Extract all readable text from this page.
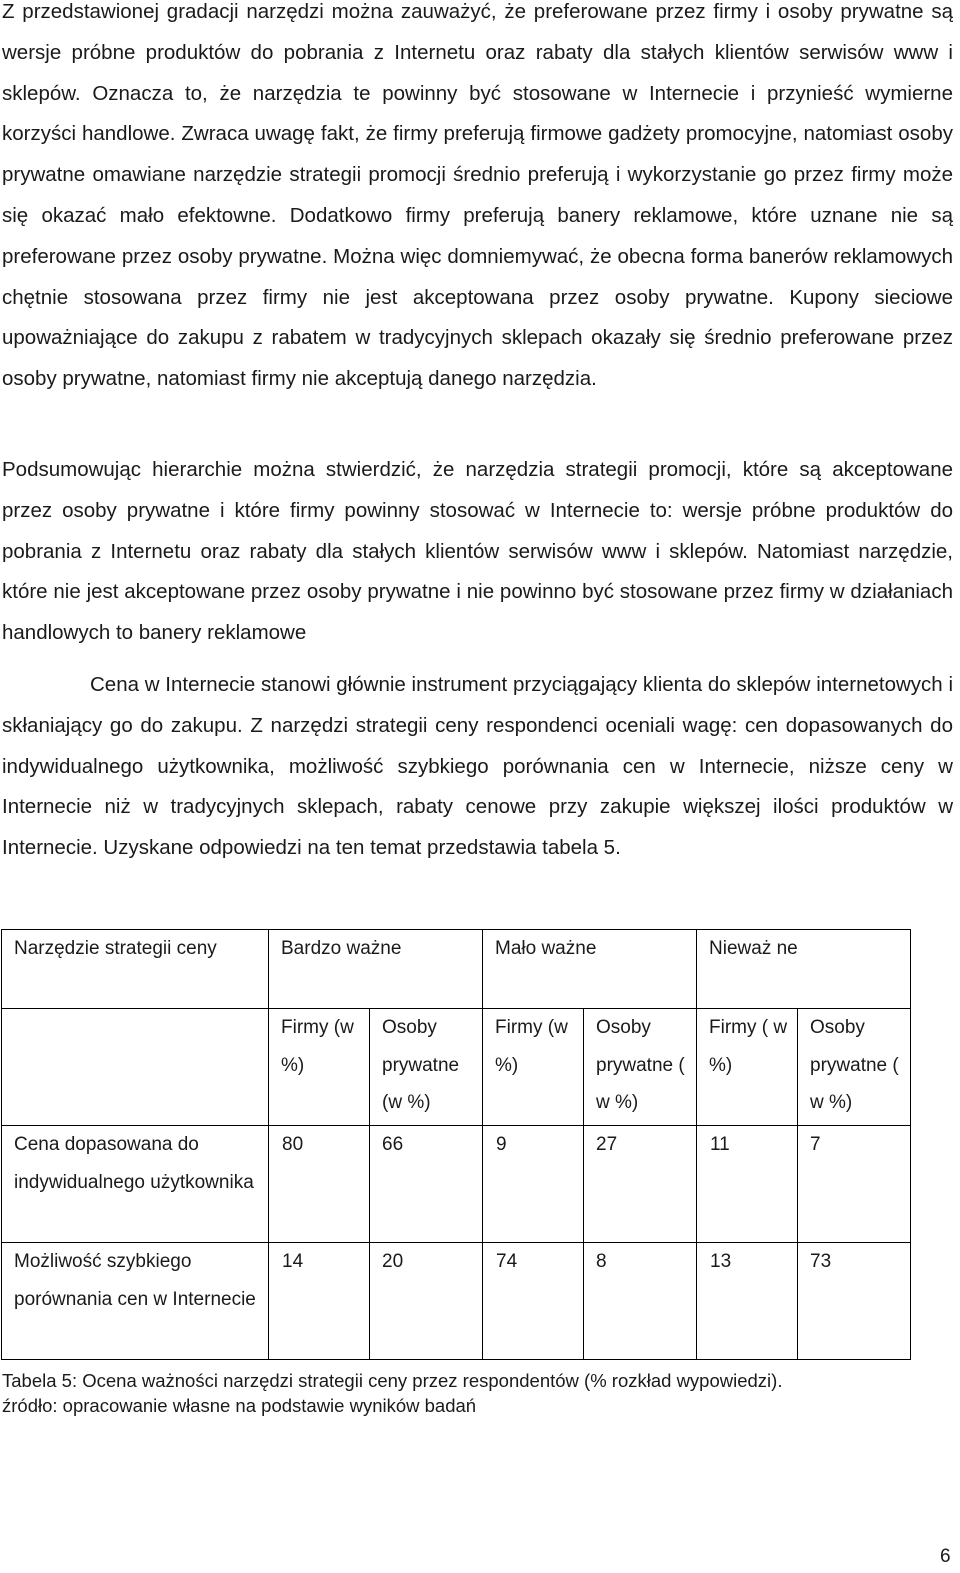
Z przedstawionej gradacji narzędzi można zauważyć, że preferowane przez firmy i osoby prywatne są wersje próbne produktów do pobrania z Internetu oraz rabaty dla stałych klientów serwisów www i sklepów. Oznacza to, że narzędzia te powinny być stosowane w Internecie i przynieść wymierne korzyści handlowe. Zwraca uwagę fakt, że firmy preferują firmowe gadżety promocyjne, natomiast osoby prywatne omawiane narzędzie strategii promocji średnio preferują i wykorzystanie go przez firmy może się okazać mało efektowne. Dodatkowo firmy preferują banery reklamowe, które uznane nie są preferowane przez osoby prywatne. Można więc domniemywać, że obecna forma banerów reklamowych chętnie stosowana przez firmy nie jest akceptowana przez osoby prywatne. Kupony sieciowe upoważniające do zakupu z rabatem w tradycyjnych sklepach okazały się średnio preferowane przez osoby prywatne, natomiast firmy nie akceptują danego narzędzia.

Podsumowując hierarchie można stwierdzić, że narzędzia strategii promocji, które są akceptowane przez osoby prywatne i które firmy powinny stosować w Internecie to: wersje próbne produktów do pobrania z Internetu oraz rabaty dla stałych klientów serwisów www i sklepów. Natomiast narzędzie, które nie jest akceptowane przez osoby prywatne i nie powinno być stosowane przez firmy w działaniach handlowych to banery reklamowe

Cena w Internecie stanowi głównie instrument przyciągający klienta do sklepów internetowych i skłaniający go do zakupu. Z narzędzi strategii ceny respondenci oceniali wagę: cen dopasowanych do indywidualnego użytkownika, możliwość szybkiego porównania cen w Internecie, niższe ceny w Internecie niż w tradycyjnych sklepach, rabaty cenowe przy zakupie większej ilości produktów w Internecie. Uzyskane odpowiedzi na ten temat przedstawia tabela 5.

Narzędzie strategii ceny	Bardzo ważne		Mało ważne		Nieważ ne	
	Firmy (w %)	Osoby prywatne (w %)	Firmy (w %)	Osoby prywatne ( w %)	Firmy ( w %)	Osoby prywatne ( w %)
Cena dopasowana do indywidualnego użytkownika	80	66	9	27	11	7
Możliwość szybkiego porównania cen w Internecie	14	20	74	8	13	73

Tabela 5: Ocena ważności narzędzi strategii ceny przez respondentów (% rozkład wypowiedzi).

źródło: opracowanie własne na podstawie wyników badań

6
